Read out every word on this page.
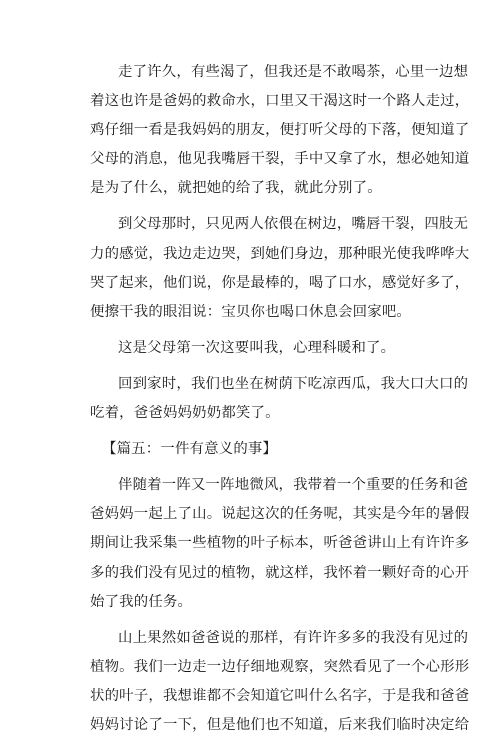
走了许久，有些渴了，但我还是不敢喝茶，心里一边想
着这也许是爸妈的救命水，口里又干渴这时一个路人走过，
鸡仔细一看是我妈妈的朋友，便打听父母的下落，便知道了
父母的消息，他见我嘴唇干裂，手中又拿了水，想必她知道
是为了什么，就把她的给了我，就此分别了。
到父母那时，只见两人依偎在树边，嘴唇干裂，四肢无
力的感觉，我边走边哭，到她们身边，那种眼光使我哗哗大
哭了起来，他们说，你是最棒的，喝了口水，感觉好多了，
便擦干我的眼泪说：宝贝你也喝口休息会回家吧。
这是父母第一次这要叫我，心理科暖和了。
回到家时，我们也坐在树荫下吃凉西瓜，我大口大口的
吃着，爸爸妈妈奶奶都笑了。
【篇五：一件有意义的事】
伴随着一阵又一阵地微风，我带着一个重要的任务和爸
爸妈妈一起上了山。说起这次的任务呢，其实是今年的暑假
期间让我采集一些植物的叶子标本，听爸爸讲山上有许许多
多的我们没有见过的植物，就这样，我怀着一颗好奇的心开
始了我的任务。
山上果然如爸爸说的那样，有许许多多的我没有见过的
植物。我们一边走一边仔细地观察，突然看见了一个心形形
状的叶子，我想谁都不会知道它叫什么名字，于是我和爸爸
妈妈讨论了一下，但是他们也不知道，后来我们临时决定给
